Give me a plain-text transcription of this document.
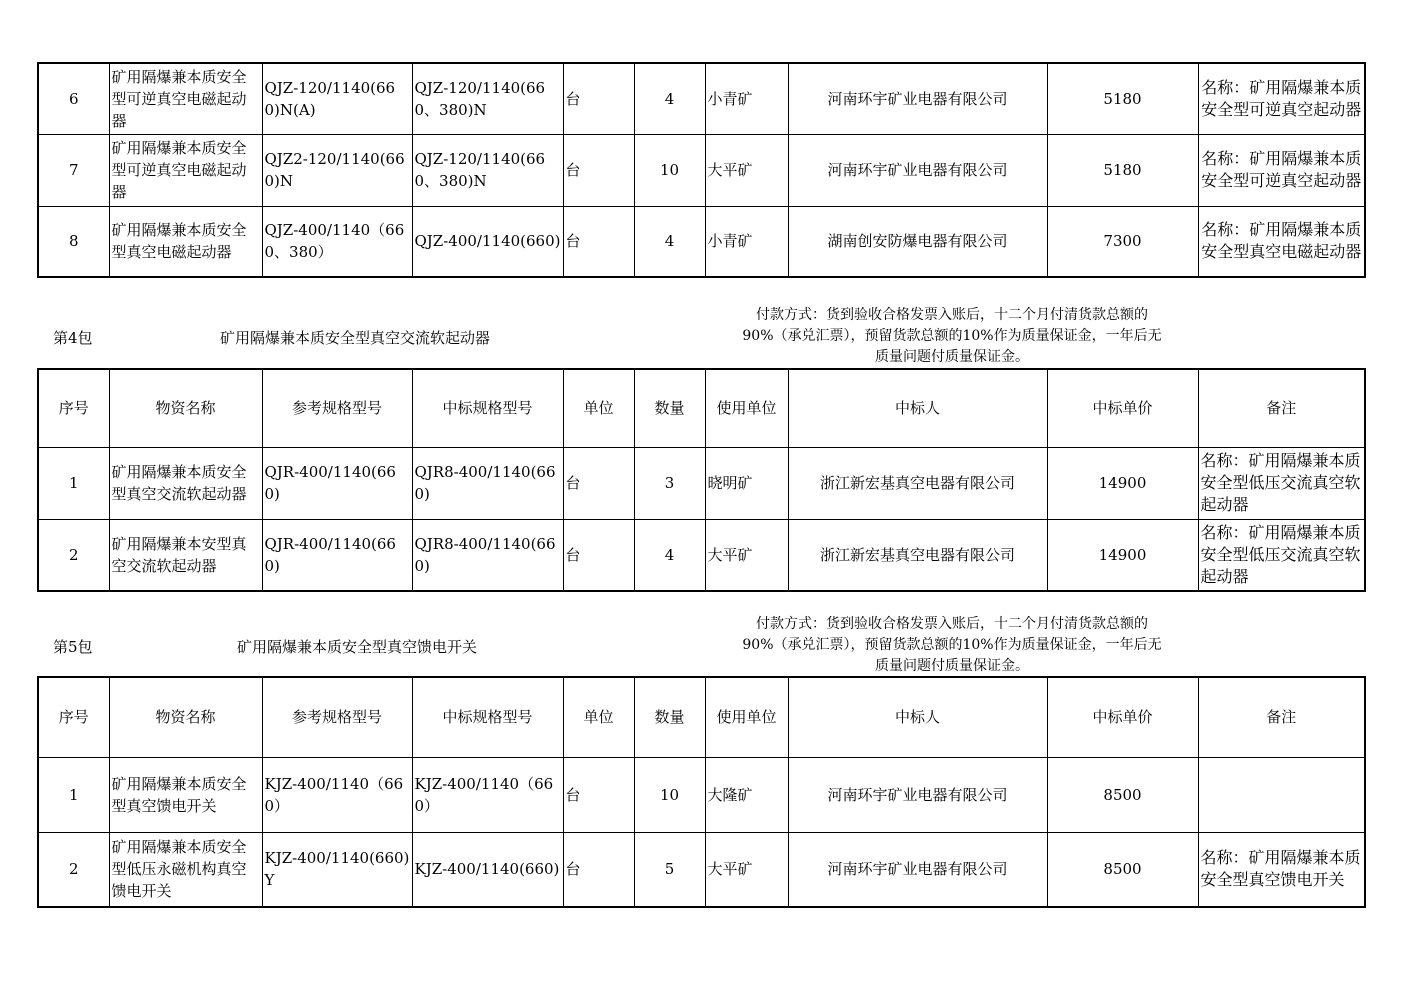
6	矿用隔爆兼本质安全型可逆真空电磁起动器	QJZ-120/1140(660)N(A)	QJZ-120/1140(660、380)N	台	4	小青矿	河南环宇矿业电器有限公司	5180	名称：矿用隔爆兼本质安全型可逆真空起动器
7	矿用隔爆兼本质安全型可逆真空电磁起动器	QJZ2-120/1140(660)N	QJZ-120/1140(660、380)N	台	10	大平矿	河南环宇矿业电器有限公司	5180	名称：矿用隔爆兼本质安全型可逆真空起动器
8	矿用隔爆兼本质安全型真空电磁起动器	QJZ-400/1140（660、380）	QJZ-400/1140(660)	台	4	小青矿	湖南创安防爆电器有限公司	7300	名称：矿用隔爆兼本质安全型真空电磁起动器
第4包	矿用隔爆兼本质安全型真空交流软起动器
付款方式：货到验收合格发票入账后，十二个月付清货款总额的
90%（承兑汇票），预留货款总额的10%作为质量保证金，一年后无
质量问题付质量保证金。
序号	物资名称	参考规格型号	中标规格型号	单位	数量	使用单位	中标人	中标单价	备注
1	矿用隔爆兼本质安全型真空交流软起动器	QJR-400/1140(660)	QJR8-400/1140(660)	台	3	晓明矿	浙江新宏基真空电器有限公司	14900	名称：矿用隔爆兼本质安全型低压交流真空软起动器
2	矿用隔爆兼本安型真空交流软起动器	QJR-400/1140(660)	QJR8-400/1140(660)	台	4	大平矿	浙江新宏基真空电器有限公司	14900	名称：矿用隔爆兼本质安全型低压交流真空软起动器
第5包	矿用隔爆兼本质安全型真空馈电开关
付款方式：货到验收合格发票入账后，十二个月付清货款总额的
90%（承兑汇票），预留货款总额的10%作为质量保证金，一年后无
质量问题付质量保证金。
序号	物资名称	参考规格型号	中标规格型号	单位	数量	使用单位	中标人	中标单价	备注
1	矿用隔爆兼本质安全型真空馈电开关	KJZ-400/1140（660）	KJZ-400/1140（660）	台	10	大隆矿	河南环宇矿业电器有限公司	8500	
2	矿用隔爆兼本质安全型低压永磁机构真空馈电开关	KJZ-400/1140(660)Y	KJZ-400/1140(660)	台	5	大平矿	河南环宇矿业电器有限公司	8500	名称：矿用隔爆兼本质安全型真空馈电开关
